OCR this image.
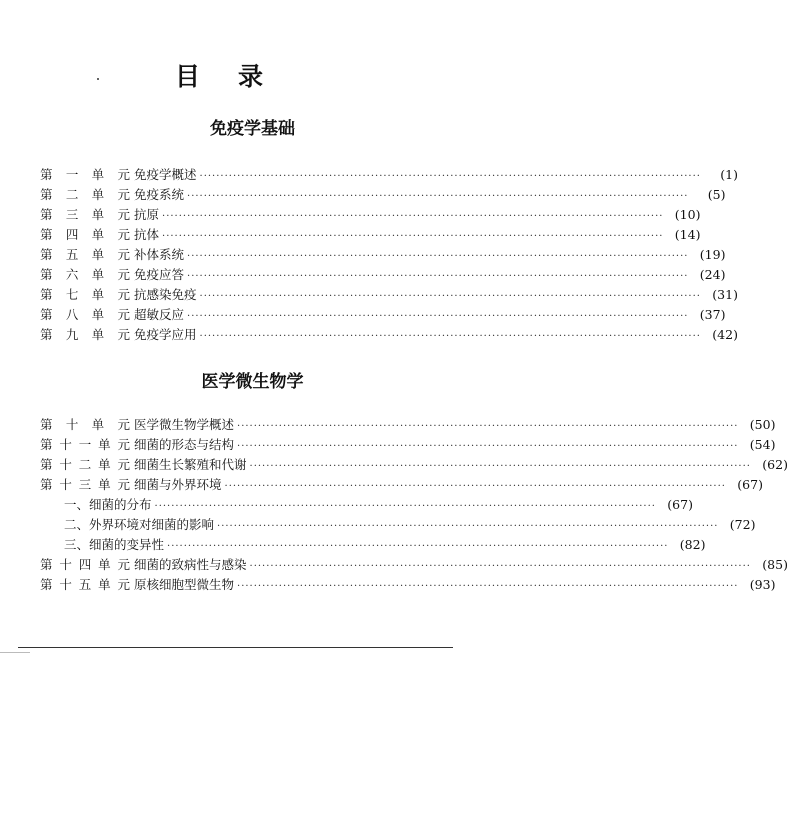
目 录
免疫学基础
第 一 单 元 免疫学概述 ························································································································	(1)
第 二 单 元 免疫系统 ························································································································	(5)
第 三 单 元 抗原 ························································································································ (10)
第 四 单 元 抗体 ························································································································ (14)
第 五 单 元 补体系统 ························································································································ (19)
第 六 单 元 免疫应答 ························································································································ (24)
第 七 单 元 抗感染免疫 ························································································································ (31)
第 八 单 元 超敏反应 ························································································································ (37)
第 九 单 元 免疫学应用 ························································································································ (42)
医学微生物学
第 十 单 元 医学微生物学概述 ························································································································ (50)
第 十 一 单 元 细菌的形态与结构 ························································································································ (54)
第 十 二 单 元 细菌生长繁殖和代谢 ························································································································ (62)
第 十 三 单 元 细菌与外界环境 ························································································································ (67)
一、细菌的分布 ························································································································ (67)
二、外界环境对细菌的影响 ························································································································ (72)
三、细菌的变异性 ························································································································ (82)
第 十 四 单 元 细菌的致病性与感染 ························································································································ (85)
第 十 五 单 元 原核细胞型微生物 ························································································································ (93)
